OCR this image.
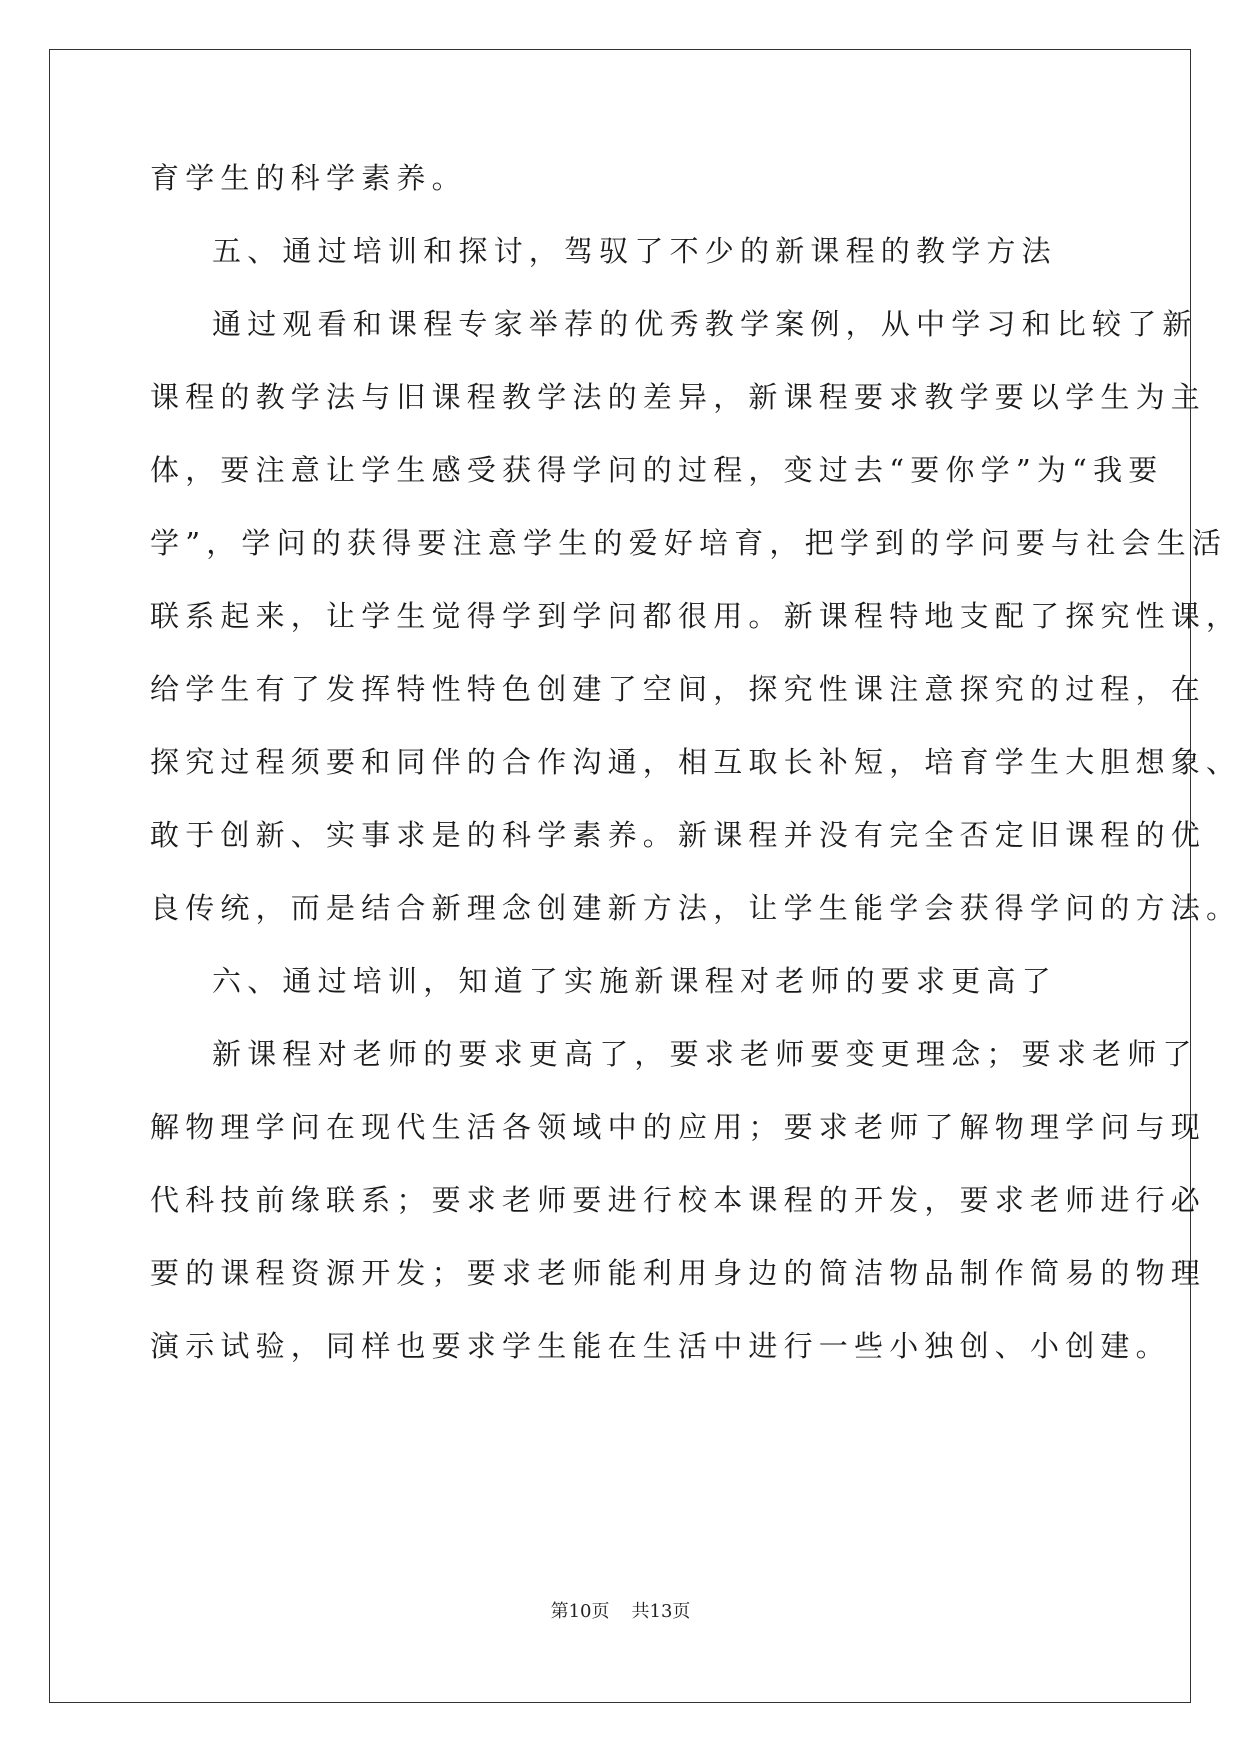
育学生的科学素养。
五、通过培训和探讨，驾驭了不少的新课程的教学方法
通过观看和课程专家举荐的优秀教学案例，从中学习和比较了新
课程的教学法与旧课程教学法的差异，新课程要求教学要以学生为主
体，要注意让学生感受获得学问的过程，变过去“要你学”为“我要
学”，学问的获得要注意学生的爱好培育，把学到的学问要与社会生活
联系起来，让学生觉得学到学问都很用。新课程特地支配了探究性课，
给学生有了发挥特性特色创建了空间，探究性课注意探究的过程，在
探究过程须要和同伴的合作沟通，相互取长补短，培育学生大胆想象、
敢于创新、实事求是的科学素养。新课程并没有完全否定旧课程的优
良传统，而是结合新理念创建新方法，让学生能学会获得学问的方法。
六、通过培训，知道了实施新课程对老师的要求更高了
新课程对老师的要求更高了，要求老师要变更理念；要求老师了
解物理学问在现代生活各领域中的应用；要求老师了解物理学问与现
代科技前缘联系；要求老师要进行校本课程的开发，要求老师进行必
要的课程资源开发；要求老师能利用身边的简洁物品制作简易的物理
演示试验，同样也要求学生能在生活中进行一些小独创、小创建。
第10页 共13页
